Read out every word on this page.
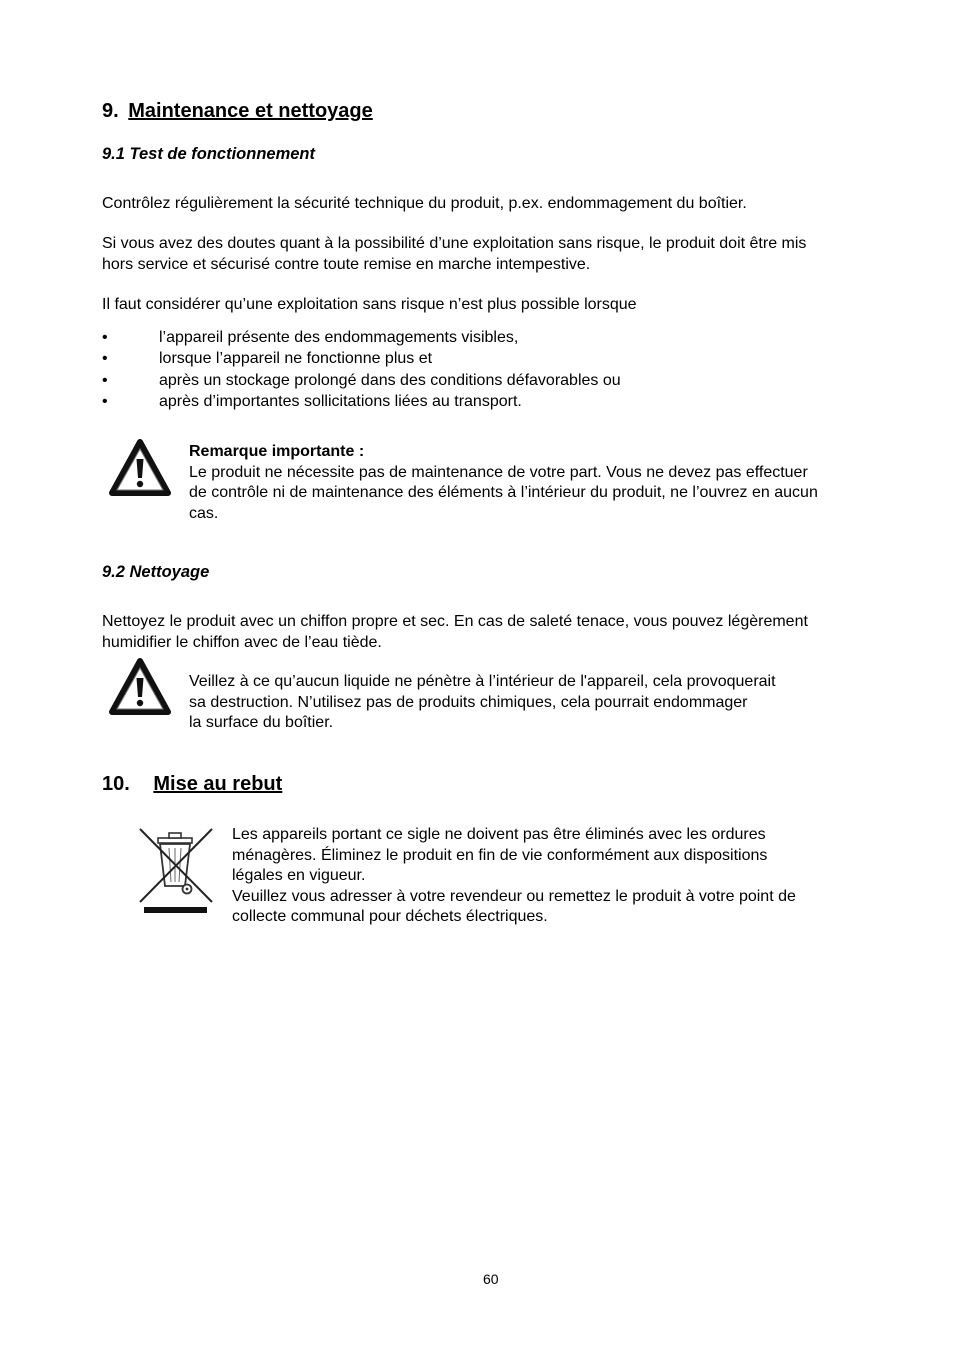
9. Maintenance et nettoyage
9.1 Test de fonctionnement
Contrôlez régulièrement la sécurité technique du produit, p.ex. endommagement du boîtier.
Si vous avez des doutes quant à la possibilité d’une exploitation sans risque, le produit doit être mis
hors service et sécurisé contre toute remise en marche intempestive.
Il faut considérer qu’une exploitation sans risque n’est plus possible lorsque
•	l’appareil présente des endommagements visibles,
•	lorsque l’appareil ne fonctionne plus et
•	après un stockage prolongé dans des conditions défavorables ou
•	après d’importantes sollicitations liées au transport.
Remarque importante :
Le produit ne nécessite pas de maintenance de votre part. Vous ne devez pas effectuer
de contrôle ni de maintenance des éléments à l’intérieur du produit, ne l’ouvrez en aucun
cas.
9.2 Nettoyage
Nettoyez le produit avec un chiffon propre et sec. En cas de saleté tenace, vous pouvez légèrement
humidifier le chiffon avec de l’eau tiède.
Veillez à ce qu’aucun liquide ne pénètre à l’intérieur de l'appareil, cela provoquerait
sa destruction. N’utilisez pas de produits chimiques, cela pourrait endommager
la surface du boîtier.
10. Mise au rebut
Les appareils portant ce sigle ne doivent pas être éliminés avec les ordures
ménagères. Éliminez le produit en fin de vie conformément aux dispositions
légales en vigueur.
Veuillez vous adresser à votre revendeur ou remettez le produit à votre point de
collecte communal pour déchets électriques.
60
